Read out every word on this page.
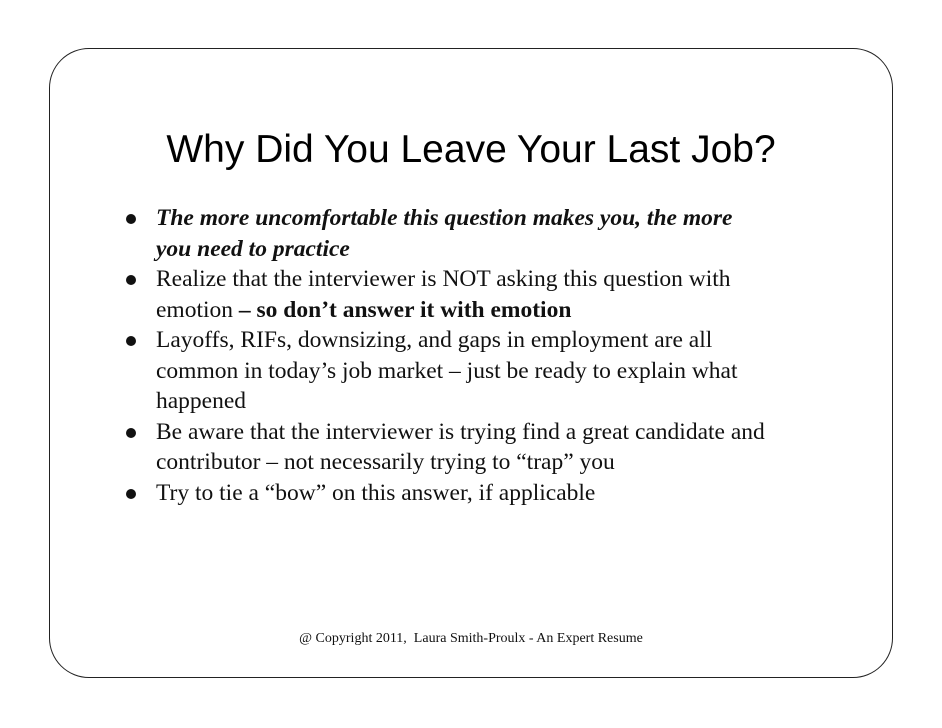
Why Did You Leave Your Last Job?
The more uncomfortable this question makes you, the more
you need to practice
Realize that the interviewer is NOT asking this question with
emotion – so don’t answer it with emotion
Layoffs, RIFs, downsizing, and gaps in employment are all
common in today’s job market – just be ready to explain what
happened
Be aware that the interviewer is trying find a great candidate and
contributor – not necessarily trying to “trap” you
Try to tie a “bow” on this answer, if applicable
@ Copyright 2011,  Laura Smith-Proulx - An Expert Resume
